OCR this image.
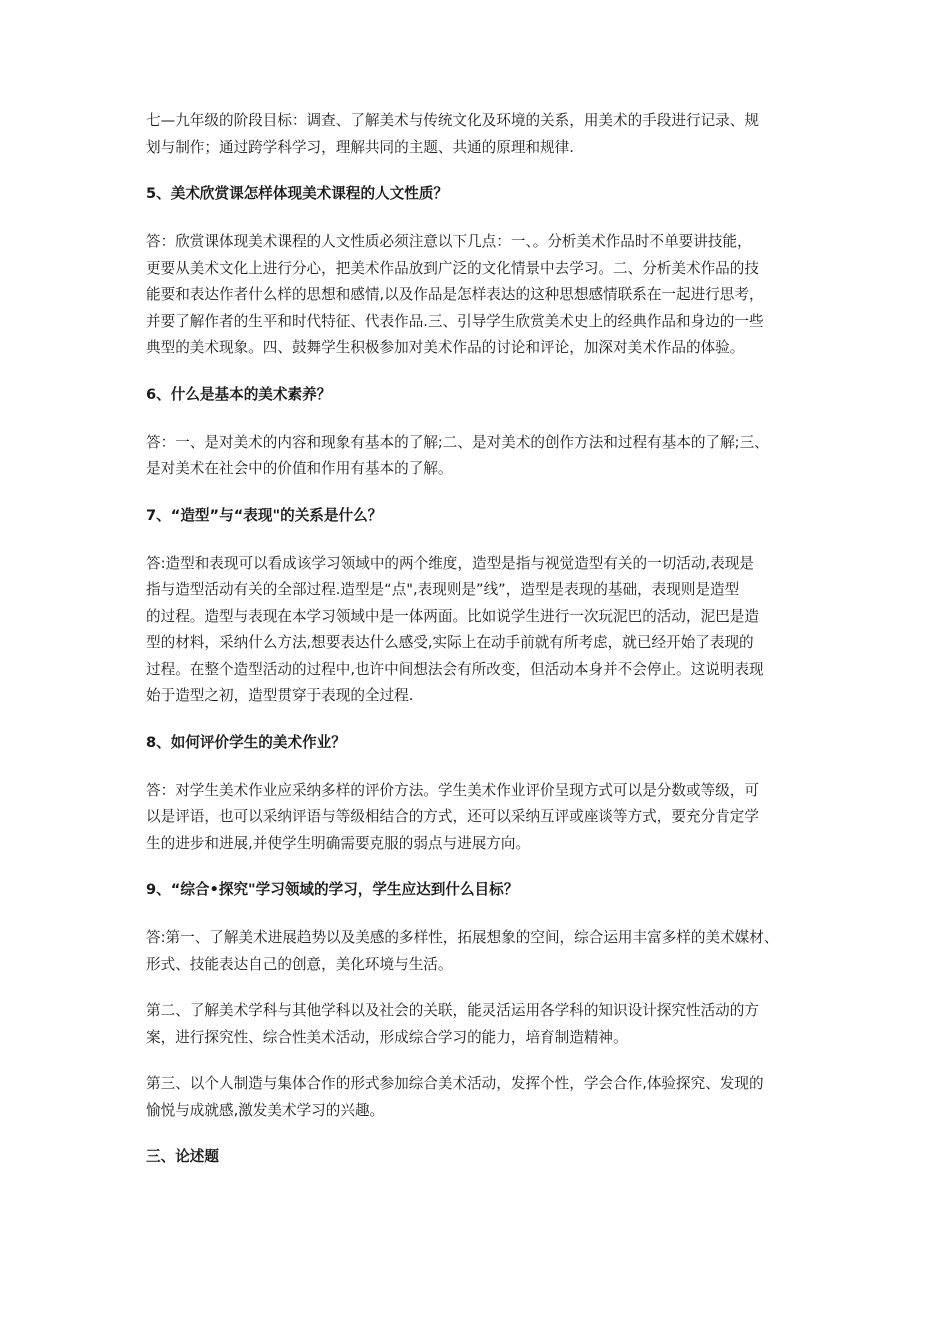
七—九年级的阶段目标：调查、了解美术与传统文化及环境的关系，用美术的手段进行记录、规
划与制作；通过跨学科学习，理解共同的主题、共通的原理和规律.

5、美术欣赏课怎样体现美术课程的人文性质？

答：欣赏课体现美术课程的人文性质必须注意以下几点：一、。分析美术作品时不单要讲技能，
更要从美术文化上进行分心，把美术作品放到广泛的文化情景中去学习。二、分析美术作品的技
能要和表达作者什么样的思想和感情,以及作品是怎样表达的这种思想感情联系在一起进行思考，
并要了解作者的生平和时代特征、代表作品.三、引导学生欣赏美术史上的经典作品和身边的一些
典型的美术现象。四、鼓舞学生积极参加对美术作品的讨论和评论，加深对美术作品的体验。

6、什么是基本的美术素养？

答：一、是对美术的内容和现象有基本的了解;二、是对美术的创作方法和过程有基本的了解;三、
是对美术在社会中的价值和作用有基本的了解。

7、“造型”与“表现"的关系是什么？

答:造型和表现可以看成该学习领域中的两个维度，造型是指与视觉造型有关的一切活动,表现是
指与造型活动有关的全部过程.造型是“点",表现则是”线”，造型是表现的基础，表现则是造型
的过程。造型与表现在本学习领域中是一体两面。比如说学生进行一次玩泥巴的活动，泥巴是造
型的材料，采纳什么方法,想要表达什么感受,实际上在动手前就有所考虑，就已经开始了表现的
过程。在整个造型活动的过程中,也许中间想法会有所改变，但活动本身并不会停止。这说明表现
始于造型之初，造型贯穿于表现的全过程.

8、如何评价学生的美术作业？

答：对学生美术作业应采纳多样的评价方法。学生美术作业评价呈现方式可以是分数或等级，可
以是评语，也可以采纳评语与等级相结合的方式，还可以采纳互评或座谈等方式，要充分肯定学
生的进步和进展,并使学生明确需要克服的弱点与进展方向。

9、“综合•探究"学习领域的学习，学生应达到什么目标？

答:第一、了解美术进展趋势以及美感的多样性，拓展想象的空间，综合运用丰富多样的美术媒材、
形式、技能表达自己的创意，美化环境与生活。

第二、了解美术学科与其他学科以及社会的关联，能灵活运用各学科的知识设计探究性活动的方
案，进行探究性、综合性美术活动，形成综合学习的能力，培育制造精神。

第三、以个人制造与集体合作的形式参加综合美术活动，发挥个性，学会合作,体验探究、发现的
愉悦与成就感,激发美术学习的兴趣。

三、论述题
